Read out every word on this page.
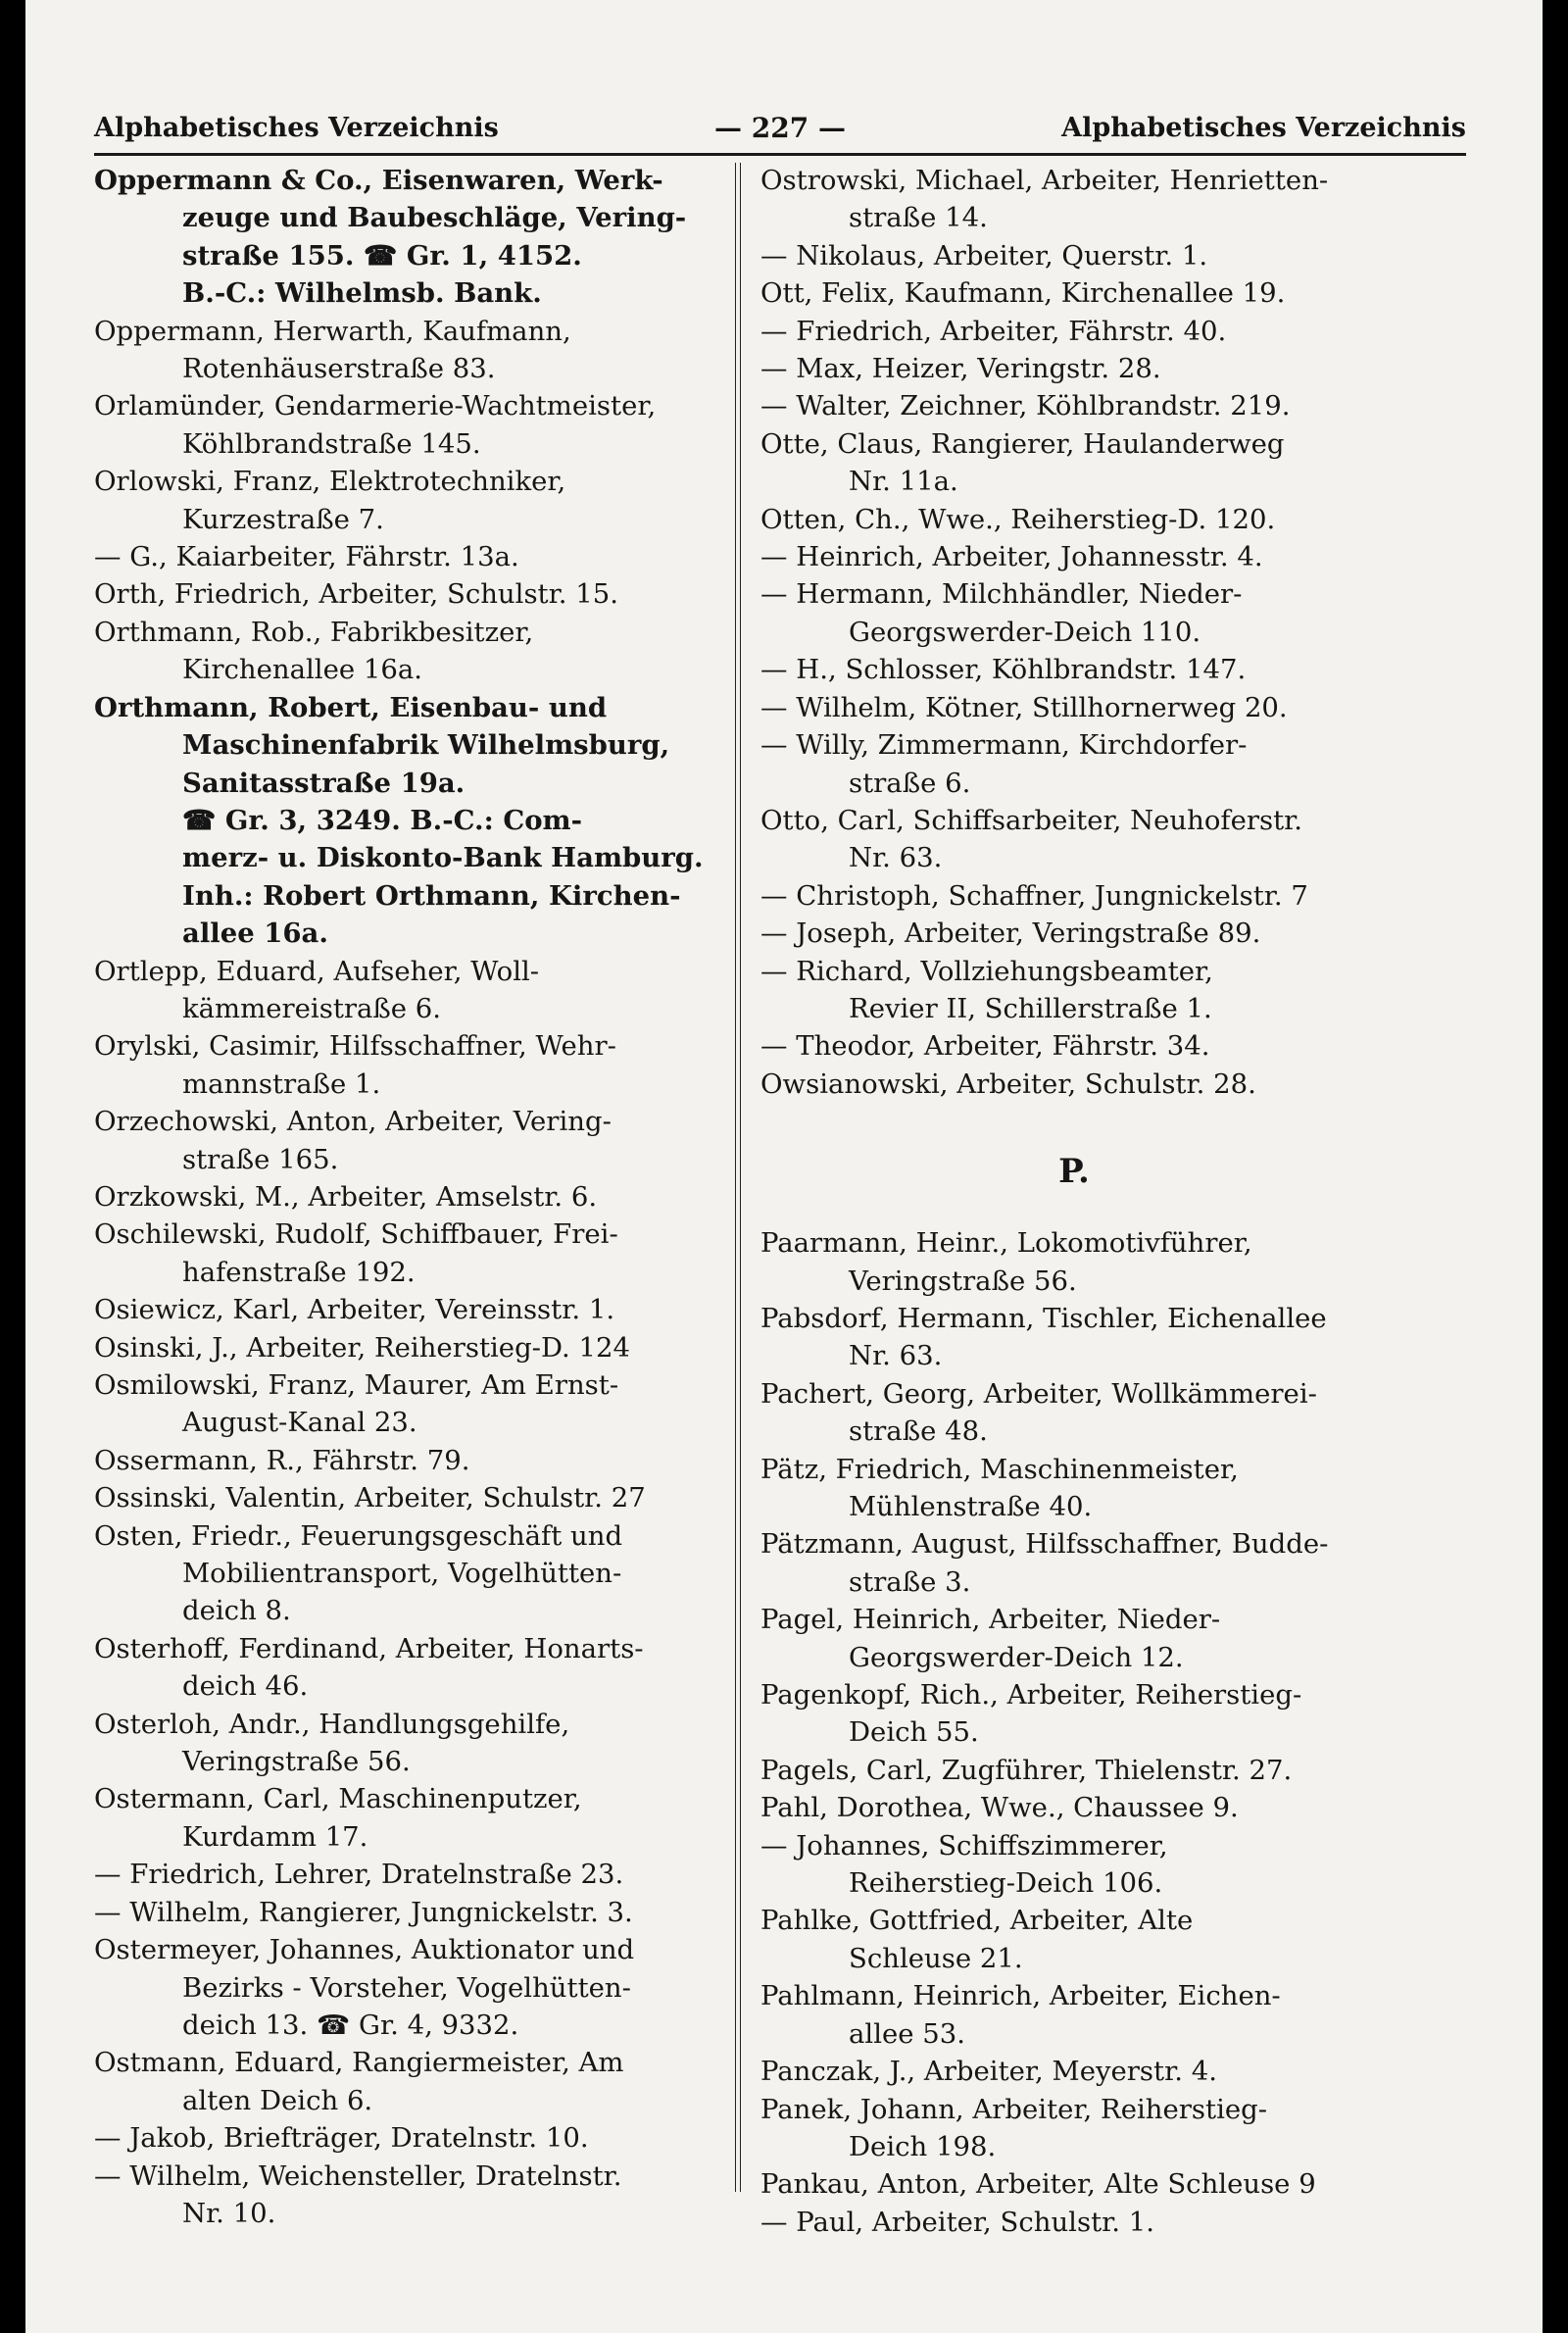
Alphabetisches Verzeichnis	— 227 —	Alphabetisches Verzeichnis

Oppermann & Co., Eisenwaren, Werk-
zeuge und Baubeschläge, Vering-
straße 155. ☎ Gr. 1, 4152.
B.-C.: Wilhelmsb. Bank.

Oppermann, Herwarth, Kaufmann,
Rotenhäuserstraße 83.

Orlamünder, Gendarmerie-Wachtmeister,
Köhlbrandstraße 145.

Orlowski, Franz, Elektrotechniker,
Kurzestraße 7.

— G., Kaiarbeiter, Fährstr. 13a.

Orth, Friedrich, Arbeiter, Schulstr. 15.

Orthmann, Rob., Fabrikbesitzer,
Kirchenallee 16a.

Orthmann, Robert, Eisenbau- und
Maschinenfabrik Wilhelmsburg,
Sanitasstraße 19a.
☎ Gr. 3, 3249. B.-C.: Com-
merz- u. Diskonto-Bank Hamburg.
Inh.: Robert Orthmann, Kirchen-
allee 16a.

Ortlepp, Eduard, Aufseher, Woll-
kämmereistraße 6.

Orylski, Casimir, Hilfsschaffner, Wehr-
mannstraße 1.

Orzechowski, Anton, Arbeiter, Vering-
straße 165.

Orzkowski, M., Arbeiter, Amselstr. 6.

Oschilewski, Rudolf, Schiffbauer, Frei-
hafenstraße 192.

Osiewicz, Karl, Arbeiter, Vereinsstr. 1.

Osinski, J., Arbeiter, Reiherstieg-D. 124

Osmilowski, Franz, Maurer, Am Ernst-
August-Kanal 23.

Ossermann, R., Fährstr. 79.

Ossinski, Valentin, Arbeiter, Schulstr. 27

Osten, Friedr., Feuerungsgeschäft und
Mobilientransport, Vogelhütten-
deich 8.

Osterhoff, Ferdinand, Arbeiter, Honarts-
deich 46.

Osterloh, Andr., Handlungsgehilfe,
Veringstraße 56.

Ostermann, Carl, Maschinenputzer,
Kurdamm 17.

— Friedrich, Lehrer, Dratelnstraße 23.

— Wilhelm, Rangierer, Jungnickelstr. 3.

Ostermeyer, Johannes, Auktionator und
Bezirks - Vorsteher, Vogelhütten-
deich 13. ☎ Gr. 4, 9332.

Ostmann, Eduard, Rangiermeister, Am
alten Deich 6.

— Jakob, Briefträger, Dratelnstr. 10.

— Wilhelm, Weichensteller, Dratelnstr.
Nr. 10.

Ostrowski, Michael, Arbeiter, Henrietten-
straße 14.

— Nikolaus, Arbeiter, Querstr. 1.

Ott, Felix, Kaufmann, Kirchenallee 19.

— Friedrich, Arbeiter, Fährstr. 40.

— Max, Heizer, Veringstr. 28.

— Walter, Zeichner, Köhlbrandstr. 219.

Otte, Claus, Rangierer, Haulanderweg
Nr. 11a.

Otten, Ch., Wwe., Reiherstieg-D. 120.

— Heinrich, Arbeiter, Johannesstr. 4.

— Hermann, Milchhändler, Nieder-
Georgswerder-Deich 110.

— H., Schlosser, Köhlbrandstr. 147.

— Wilhelm, Kötner, Stillhornerweg 20.

— Willy, Zimmermann, Kirchdorfer-
straße 6.

Otto, Carl, Schiffsarbeiter, Neuhoferstr.
Nr. 63.

— Christoph, Schaffner, Jungnickelstr. 7

— Joseph, Arbeiter, Veringstraße 89.

— Richard, Vollziehungsbeamter,
Revier II, Schillerstraße 1.

— Theodor, Arbeiter, Fährstr. 34.

Owsianowski, Arbeiter, Schulstr. 28.

P.

Paarmann, Heinr., Lokomotivführer,
Veringstraße 56.

Pabsdorf, Hermann, Tischler, Eichenallee
Nr. 63.

Pachert, Georg, Arbeiter, Wollkämmerei-
straße 48.

Pätz, Friedrich, Maschinenmeister,
Mühlenstraße 40.

Pätzmann, August, Hilfsschaffner, Budde-
straße 3.

Pagel, Heinrich, Arbeiter, Nieder-
Georgswerder-Deich 12.

Pagenkopf, Rich., Arbeiter, Reiherstieg-
Deich 55.

Pagels, Carl, Zugführer, Thielenstr. 27.

Pahl, Dorothea, Wwe., Chaussee 9.

— Johannes, Schiffszimmerer,
Reiherstieg-Deich 106.

Pahlke, Gottfried, Arbeiter, Alte
Schleuse 21.

Pahlmann, Heinrich, Arbeiter, Eichen-
allee 53.

Panczak, J., Arbeiter, Meyerstr. 4.

Panek, Johann, Arbeiter, Reiherstieg-
Deich 198.

Pankau, Anton, Arbeiter, Alte Schleuse 9

— Paul, Arbeiter, Schulstr. 1.
